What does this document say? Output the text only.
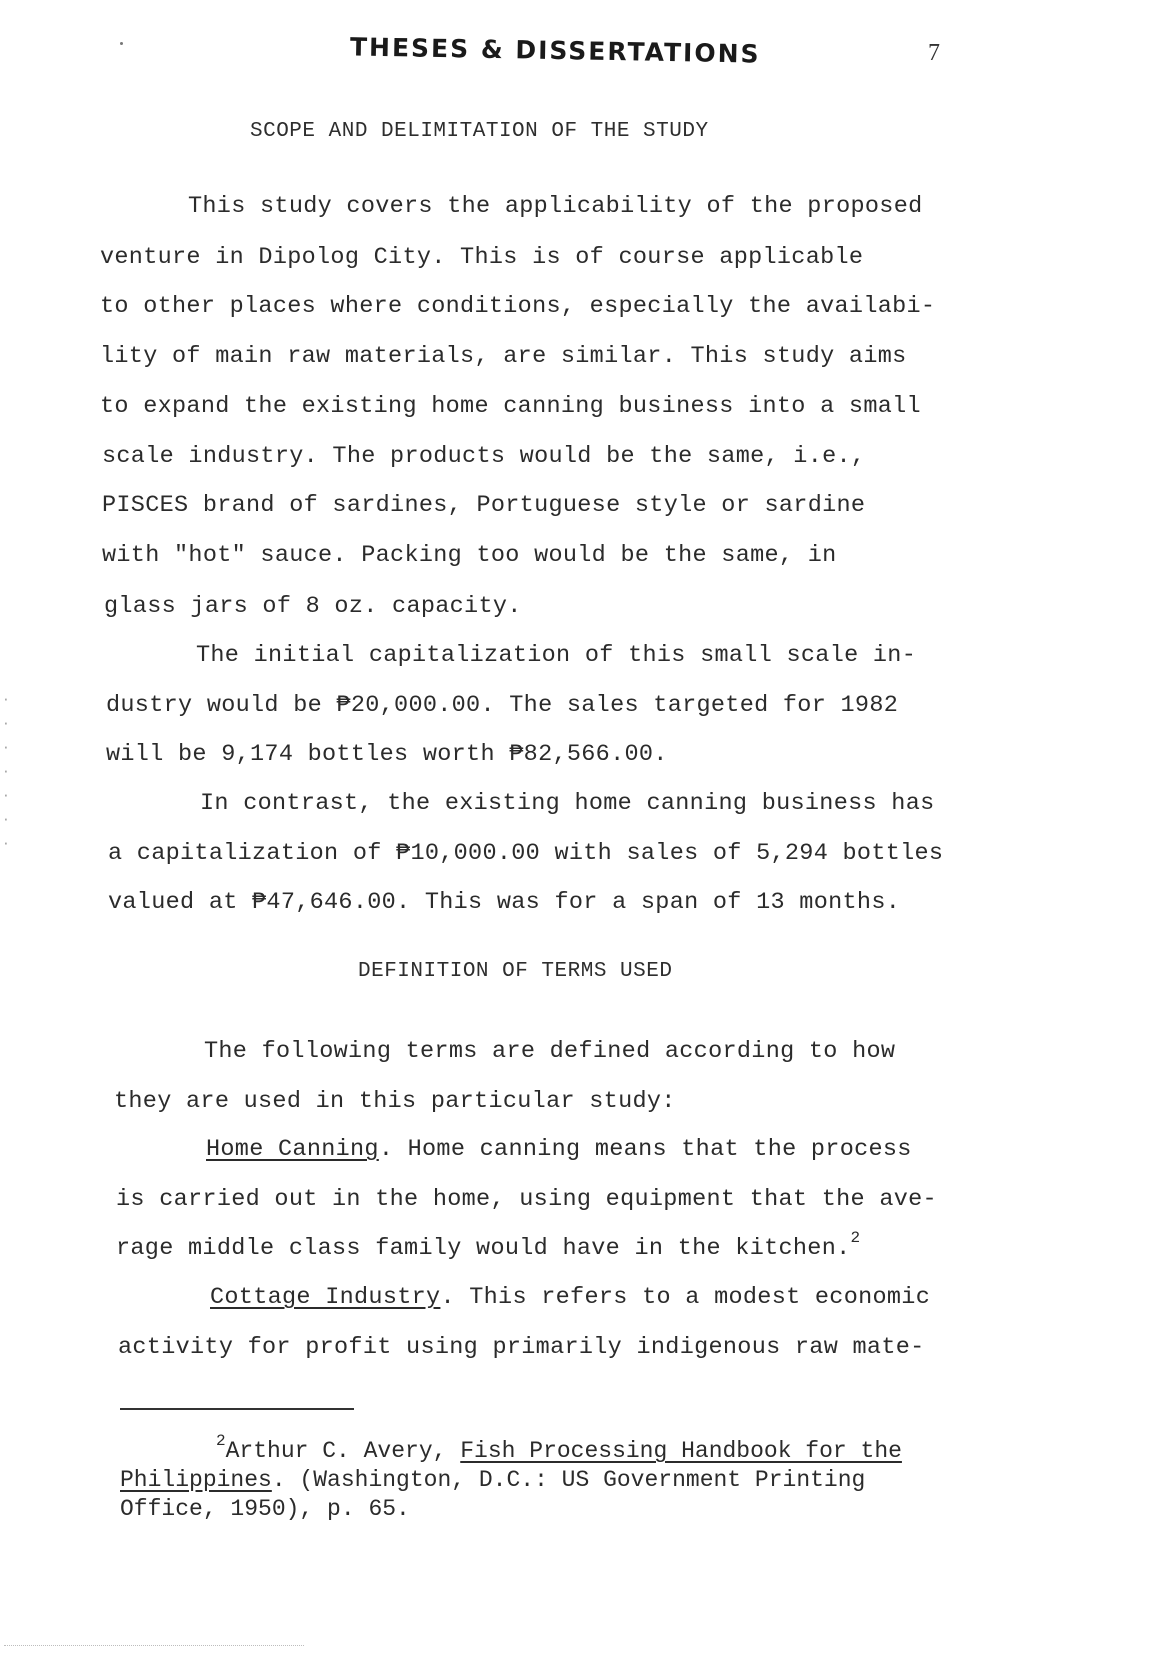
THESES & DISSERTATIONS	7
SCOPE AND DELIMITATION OF THE STUDY
This study covers the applicability of the proposed
venture in Dipolog City. This is of course applicable
to other places where conditions, especially the availabi-
lity of main raw materials, are similar. This study aims
to expand the existing home canning business into a small
scale industry. The products would be the same, i.e.,
PISCES brand of sardines, Portuguese style or sardine
with "hot" sauce. Packing too would be the same, in
glass jars of 8 oz. capacity.
The initial capitalization of this small scale in-
dustry would be ₱20,000.00. The sales targeted for 1982
will be 9,174 bottles worth ₱82,566.00.
In contrast, the existing home canning business has
a capitalization of ₱10,000.00 with sales of 5,294 bottles
valued at ₱47,646.00. This was for a span of 13 months.
DEFINITION OF TERMS USED
The following terms are defined according to how
they are used in this particular study:
Home Canning. Home canning means that the process
is carried out in the home, using equipment that the ave-
rage middle class family would have in the kitchen.$^2$
Cottage Industry. This refers to a modest economic
activity for profit using primarily indigenous raw mate-
$^2$Arthur C. Avery, Fish Processing Handbook for the
Philippines. (Washington, D.C.: US Government Printing
Office, 1950), p. 65.
·
·
·
·
·
·
·
